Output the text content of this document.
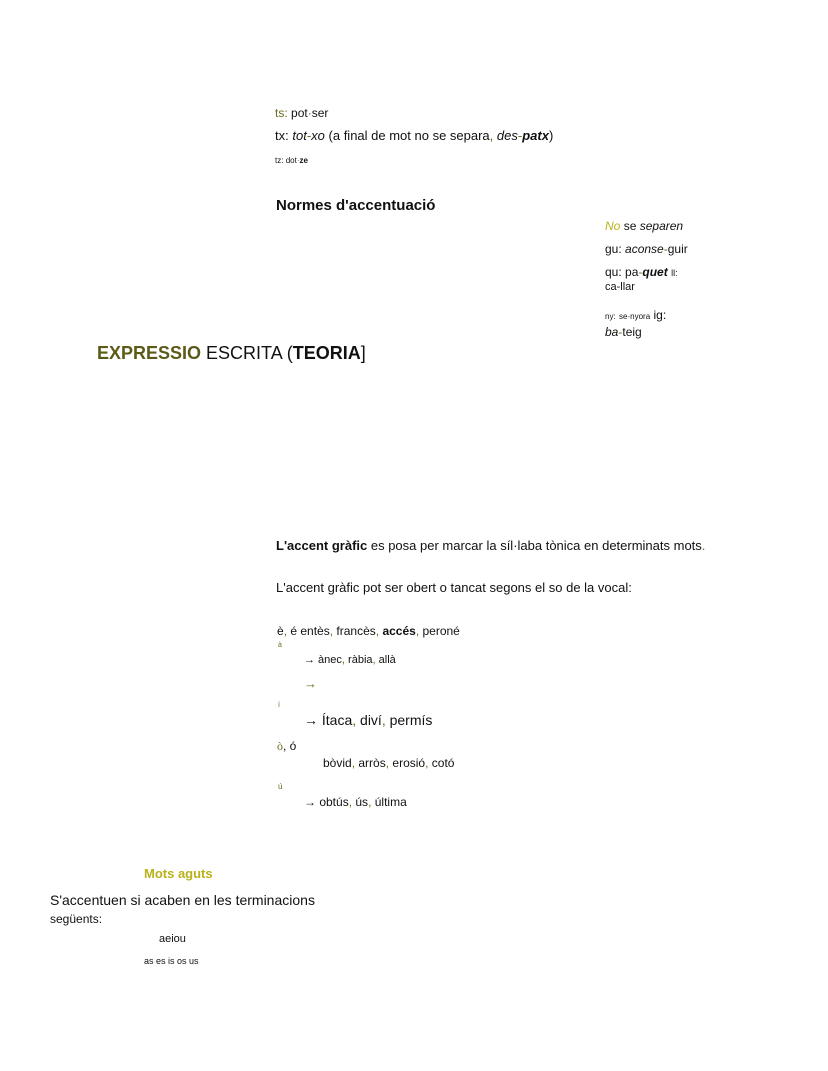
ts: pot·ser
tx: tot-xo (a final de mot no se separa, des-patx)
tz: dot·ze
Normes d'accentuació
No se separen
gu: aconse-guir
qu: pa-quet ll:
ca-llar
ny: se-nyora ig:
ba-teig
EXPRESSIO ESCRITA (TEORIA]
L'accent gràfic es posa per marcar la síl·laba tònica en determinats mots.
L'accent gràfic pot ser obert o tancat segons el so de la vocal:
è, é entès, francès, accés, peroné
à
→ ànec, ràbia, allà
→
í
→ Ítaca, diví, permís
ò, ó
bòvid, arròs, erosió, cotó
ú
→ obtús, ús, última
Mots aguts
S'accentuen si acaben en les terminacions
següents:
aeiou
as es is os us
